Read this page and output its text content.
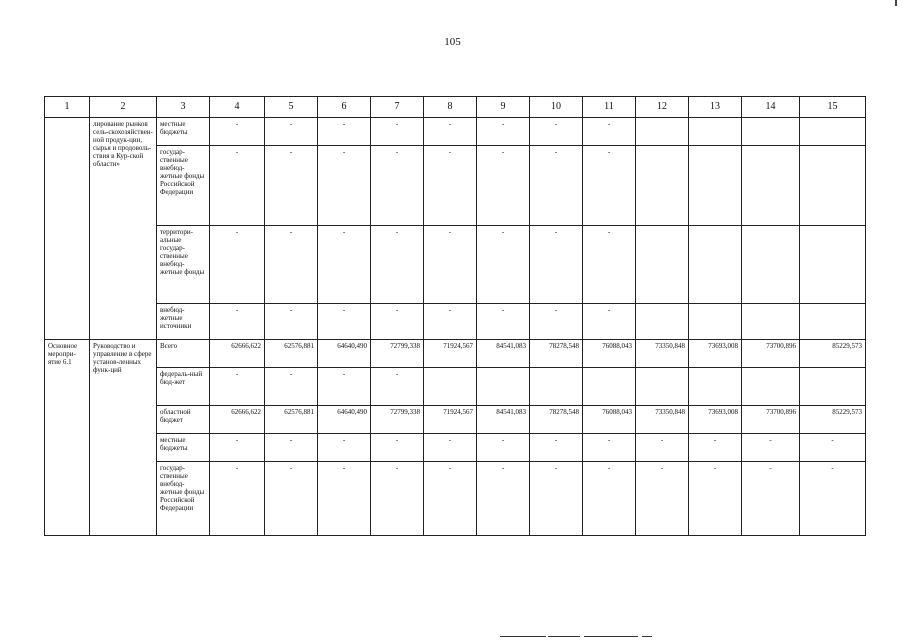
105
1	2	3	4	5	6	7	8	9	10	11	12	13	14	15
	лирование рынков сель-скохозяйствен-ной продук-ции, сырья и продоволь-ствия в Кур-ской области»	местные бюджеты	-	-	-	-	-	-	-	-				
		государ-ственные внебюд-жетные фонды Российской Федерации	-	-	-	-	-	-	-	-				
		территори-альные государ-ственные внебюд-жетные фонды	-	-	-	-	-	-	-	-				
		внебюд-жетные источники	-	-	-	-	-	-	-	-				
Основное меропри-ятие 6.1	Руководство и управление в сфере установ-ленных функ-ций	Всего	62666,622	62576,881	64640,490	72799,338	71924,567	84541,083	78278,548	76088,043	73350,848	73693,008	73700,896	85229,573
		федераль-ный бюд-жет	-	-	-	-								
		областной бюджет	62666,622	62576,881	64640,490	72799,338	71924,567	84541,083	78278,548	76088,043	73350,848	73693,008	73700,896	85229,573
		местные бюджеты	-	-	-	-	-	-	-	-	-	-	-	-
		государ-ственные внебюд-жетные фонды Российской Федерации	-	-	-	-	-	-	-	-	-	-	-	-
